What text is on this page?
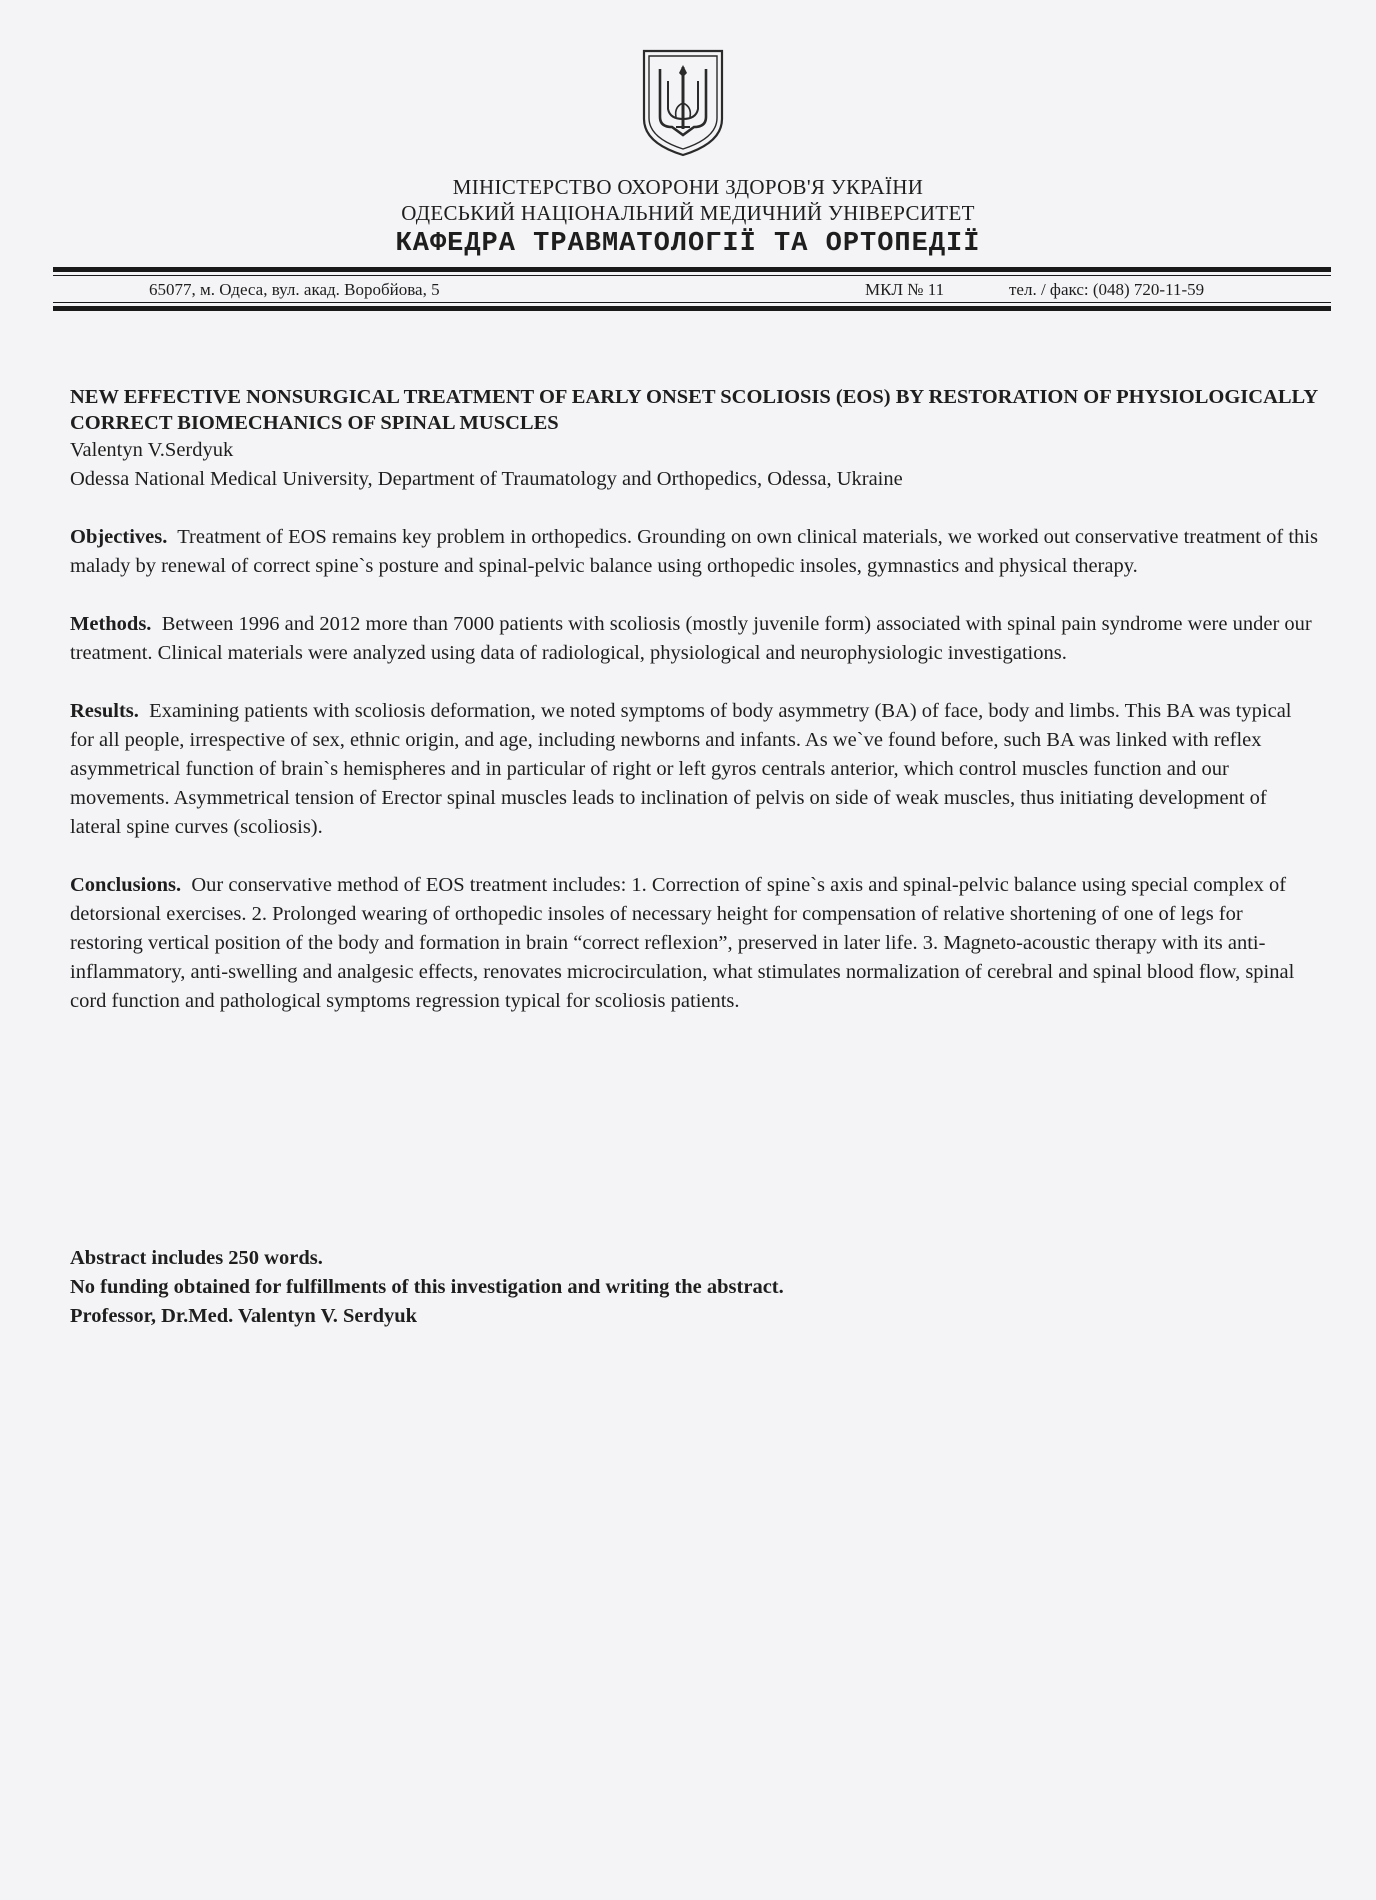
МІНІСТЕРСТВО ОХОРОНИ ЗДОРОВ'Я УКРАЇНИ
ОДЕСЬКИЙ НАЦІОНАЛЬНИЙ МЕДИЧНИЙ УНІВЕРСИТЕТ
КАФЕДРА ТРАВМАТОЛОГІЇ ТА ОРТОПЕДІЇ
65077, м. Одеса, вул. акад. Воробйова, 5	МКЛ № 11	тел. / факс: (048) 720-11-59

NEW EFFECTIVE NONSURGICAL TREATMENT OF EARLY ONSET SCOLIOSIS (EOS) BY RESTORATION OF PHYSIOLOGICALLY CORRECT BIOMECHANICS OF SPINAL MUSCLES

Valentyn V.Serdyuk

Odessa National Medical University, Department of Traumatology and Orthopedics, Odessa, Ukraine

Objectives. Treatment of EOS remains key problem in orthopedics. Grounding on own clinical materials, we worked out conservative treatment of this malady by renewal of correct spine`s posture and spinal-pelvic balance using orthopedic insoles, gymnastics and physical therapy.

Methods. Between 1996 and 2012 more than 7000 patients with scoliosis (mostly juvenile form) associated with spinal pain syndrome were under our treatment. Clinical materials were analyzed using data of radiological, physiological and neurophysiologic investigations.

Results. Examining patients with scoliosis deformation, we noted symptoms of body asymmetry (BA) of face, body and limbs. This BA was typical for all people, irrespective of sex, ethnic origin, and age, including newborns and infants. As we`ve found before, such BA was linked with reflex asymmetrical function of brain`s hemispheres and in particular of right or left gyros centrals anterior, which control muscles function and our movements. Asymmetrical tension of Erector spinal muscles leads to inclination of pelvis on side of weak muscles, thus initiating development of lateral spine curves (scoliosis).

Conclusions. Our conservative method of EOS treatment includes: 1. Correction of spine`s axis and spinal-pelvic balance using special complex of detorsional exercises. 2. Prolonged wearing of orthopedic insoles of necessary height for compensation of relative shortening of one of legs for restoring vertical position of the body and formation in brain “correct reflexion”, preserved in later life. 3. Magneto-acoustic therapy with its anti-inflammatory, anti-swelling and analgesic effects, renovates microcirculation, what stimulates normalization of cerebral and spinal blood flow, spinal cord function and pathological symptoms regression typical for scoliosis patients.

Abstract includes 250 words.

No funding obtained for fulfillments of this investigation and writing the abstract.

Professor, Dr.Med. Valentyn V. Serdyuk
